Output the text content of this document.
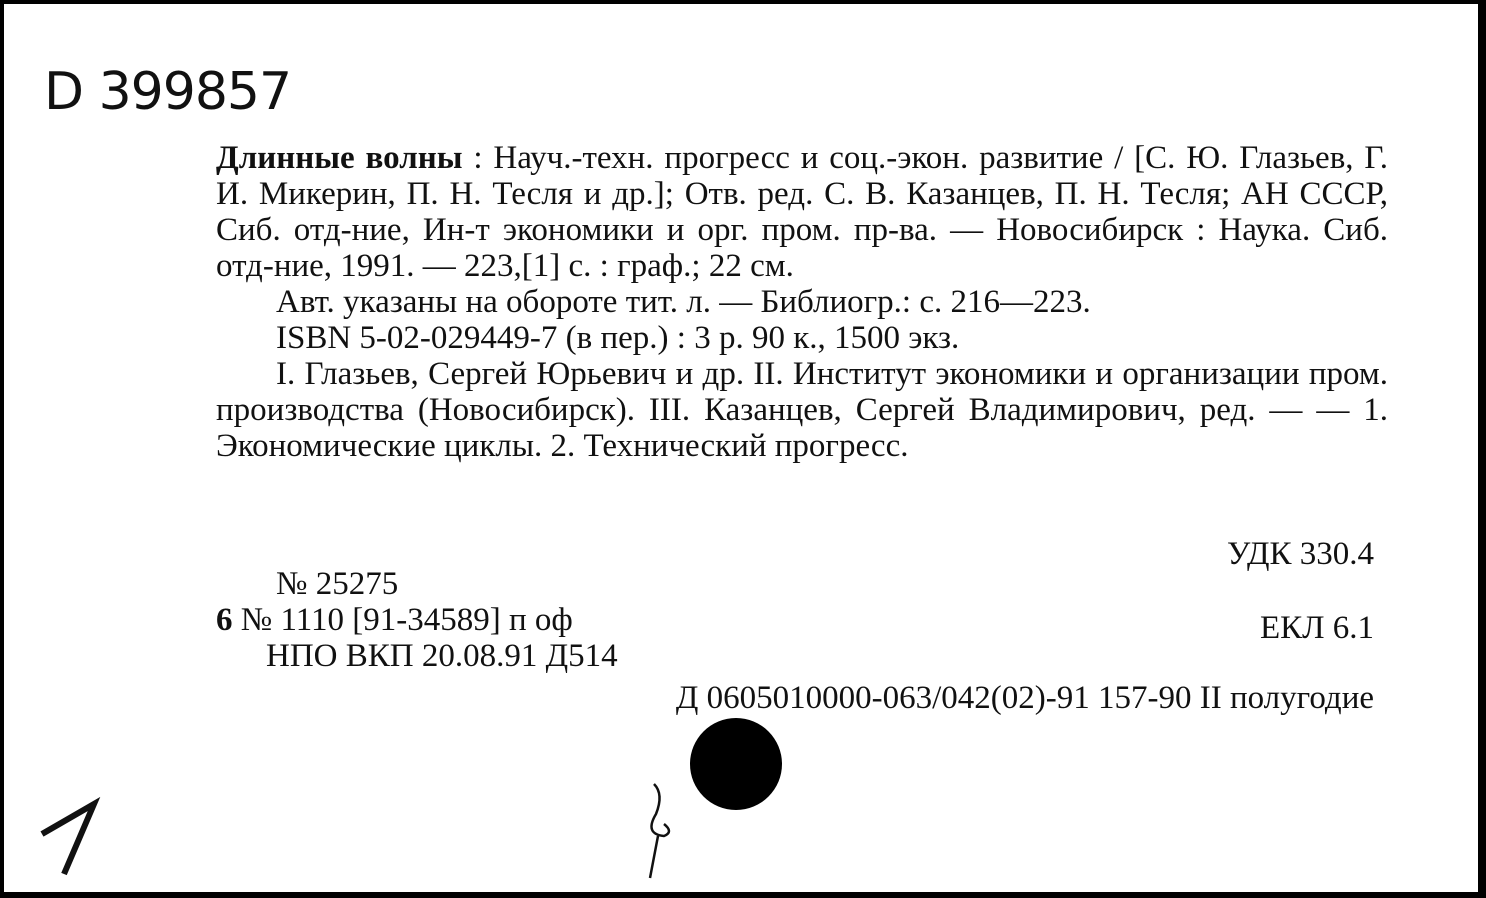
D 399857

Длинные волны : Науч.-техн. прогресс и соц.-экон. развитие / [С. Ю. Глазьев, Г. И. Микерин, П. Н. Тесля и др.]; Отв. ред. С. В. Казанцев, П. Н. Тесля; АН СССР, Сиб. отд-ние, Ин-т экономики и орг. пром. пр-ва. — Новосибирск : Наука. Сиб. отд-ние, 1991. — 223,[1] с. : граф.; 22 см.

Авт. указаны на обороте тит. л. — Библиогр.: с. 216—223.

ISBN 5-02-029449-7 (в пер.) : 3 р. 90 к., 1500 экз.

I. Глазьев, Сергей Юрьевич и др. II. Институт экономики и организации пром. производства (Новосибирск). III. Казанцев, Сергей Владимирович, ред. — — 1. Экономические циклы. 2. Технический прогресс.

УДК 330.4
№ 25275
6 № 1110 [91-34589] п оф	ЕКЛ 6.1
НПО ВКП 20.08.91 Д514
Д 0605010000-063/042(02)-91 157-90 II полугодие
